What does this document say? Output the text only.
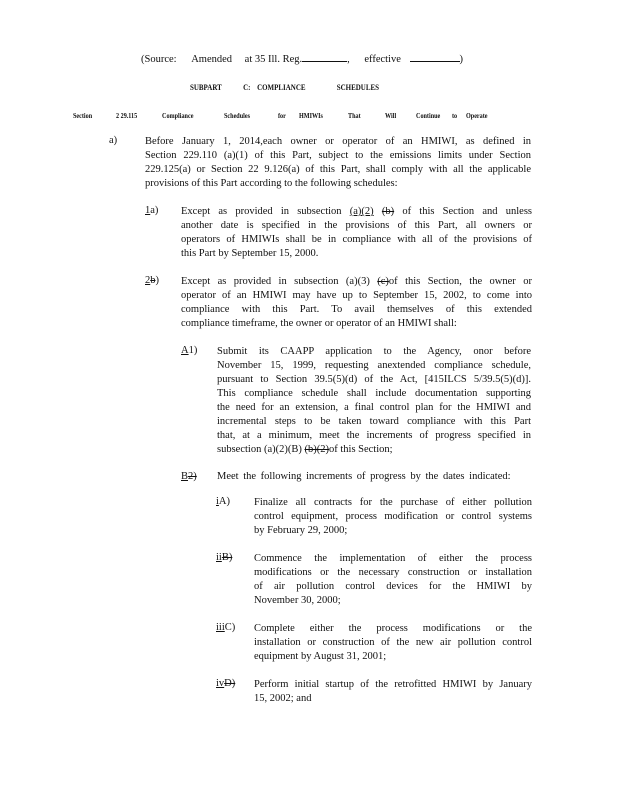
(Source: Amended at 35 Ill. Reg.	, effective	)
SUBPART	C: COMPLIANCE	SCHEDULES
Section	2 29.115	Compliance	Schedules	for HMIWIs	That	Will	Continue to Operate
a)	Before January 1, 2014,each owner or operator of an HMIWI, as defined in
Section 229.110 (a)(1) of this Part, subject to the emissions limits under Section
229.125(a) or Section 22 9.126(a) of this Part, shall comply with all the applicable
provisions of this Part according to the following schedules:
1a) Except as provided in subsection (a)(2) (b) of this Section and unless
another date is specified in the provisions of this Part, all owners or
operators of HMIWIs shall be in compliance with all of the provisions of
this Part by September 15, 2000.
2b) Except as provided in subsection (a)(3) (c)of this Section, the owner or
operator of an HMIWI may have up to September 15, 2002, to come into
compliance with this Part. To avail themselves of this extended
compliance timeframe, the owner or operator of an HMIWI shall:
A1) Submit its CAAPP application to the Agency, onor before
November 15, 1999, requesting anextended compliance schedule,
pursuant to Section 39.5(5)(d) of the Act, [415ILCS 5/39.5(5)(d)].
This compliance schedule shall include documentation supporting
the need for an extension, a final control plan for the HMIWI and
incremental steps to be taken toward compliance with this Part
that, at a minimum, meet the increments of progress specified in
subsection (a)(2)(B) (b)(2)of this Section;
B2) Meet the following increments of progress by the dates indicated:
iA) Finalize all contracts for the purchase of either pollution
control equipment, process modification or control systems
by February 29, 2000;
iiB) Commence the implementation of either the process
modifications or the necessary construction or installation
of air pollution control devices for the HMIWI by
November 30, 2000;
iiiC) Complete either the process modifications or the
installation or construction of the new air pollution control
equipment by August 31, 2001;
ivD) Perform initial startup of the retrofitted HMIWI by January
15, 2002; and
